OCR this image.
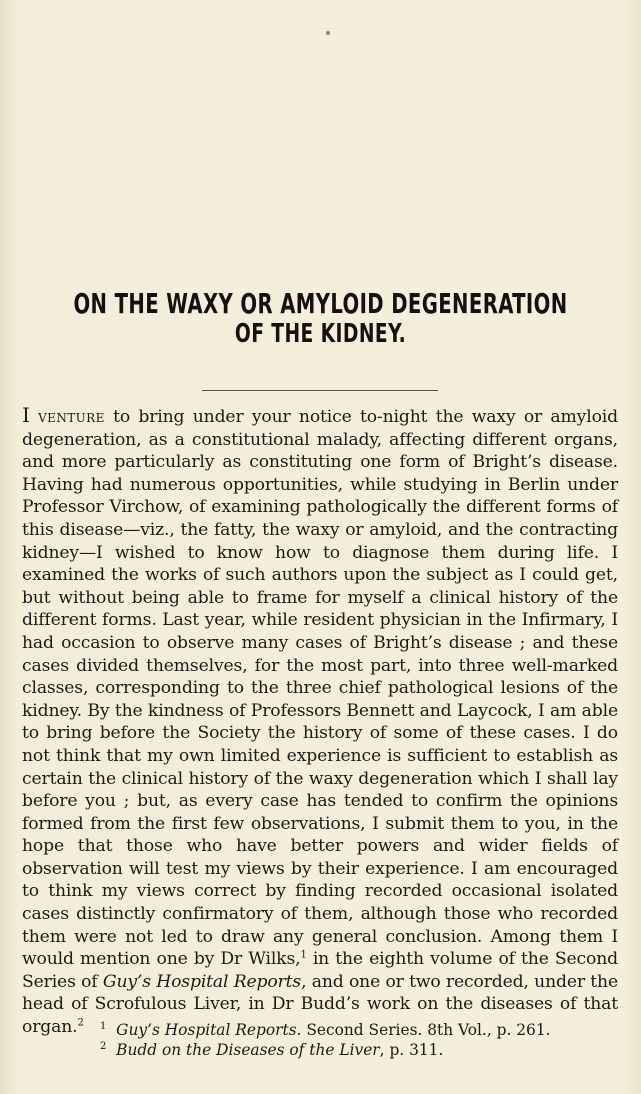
ON THE WAXY OR AMYLOID DEGENERATION
OF THE KIDNEY.
I venture to bring under your notice to-night the waxy or amyloid degeneration, as a constitutional malady, affecting different organs, and more particularly as constituting one form of Bright’s disease. Having had numerous opportunities, while studying in Berlin under Professor Virchow, of examining pathologically the different forms of this disease—viz., the fatty, the waxy or amyloid, and the contracting kidney—I wished to know how to diagnose them during life. I examined the works of such authors upon the subject as I could get, but without being able to frame for myself a clinical history of the different forms. Last year, while resident physician in the Infirmary, I had occasion to observe many cases of Bright’s disease ; and these cases divided themselves, for the most part, into three well-marked classes, corresponding to the three chief pathological lesions of the kidney. By the kindness of Professors Bennett and Laycock, I am able to bring before the Society the history of some of these cases. I do not think that my own limited experience is sufficient to establish as certain the clinical history of the waxy degeneration which I shall lay before you ; but, as every case has tended to confirm the opinions formed from the first few observations, I submit them to you, in the hope that those who have better powers and wider fields of observation will test my views by their experience. I am encouraged to think my views correct by finding recorded occasional isolated cases distinctly confirmatory of them, although those who recorded them were not led to draw any general conclusion. Among them I would mention one by Dr Wilks,$^1$ in the eighth volume of the Second Series of Guy’s Hospital Reports, and one or two recorded, under the head of Scrofulous Liver, in Dr Budd’s work on the diseases of that organ.$^2$	$^1$ Guy’s Hospital Reports. Second Series. 8th Vol., p. 261.
$^2$ Budd on the Diseases of the Liver, p. 311.
